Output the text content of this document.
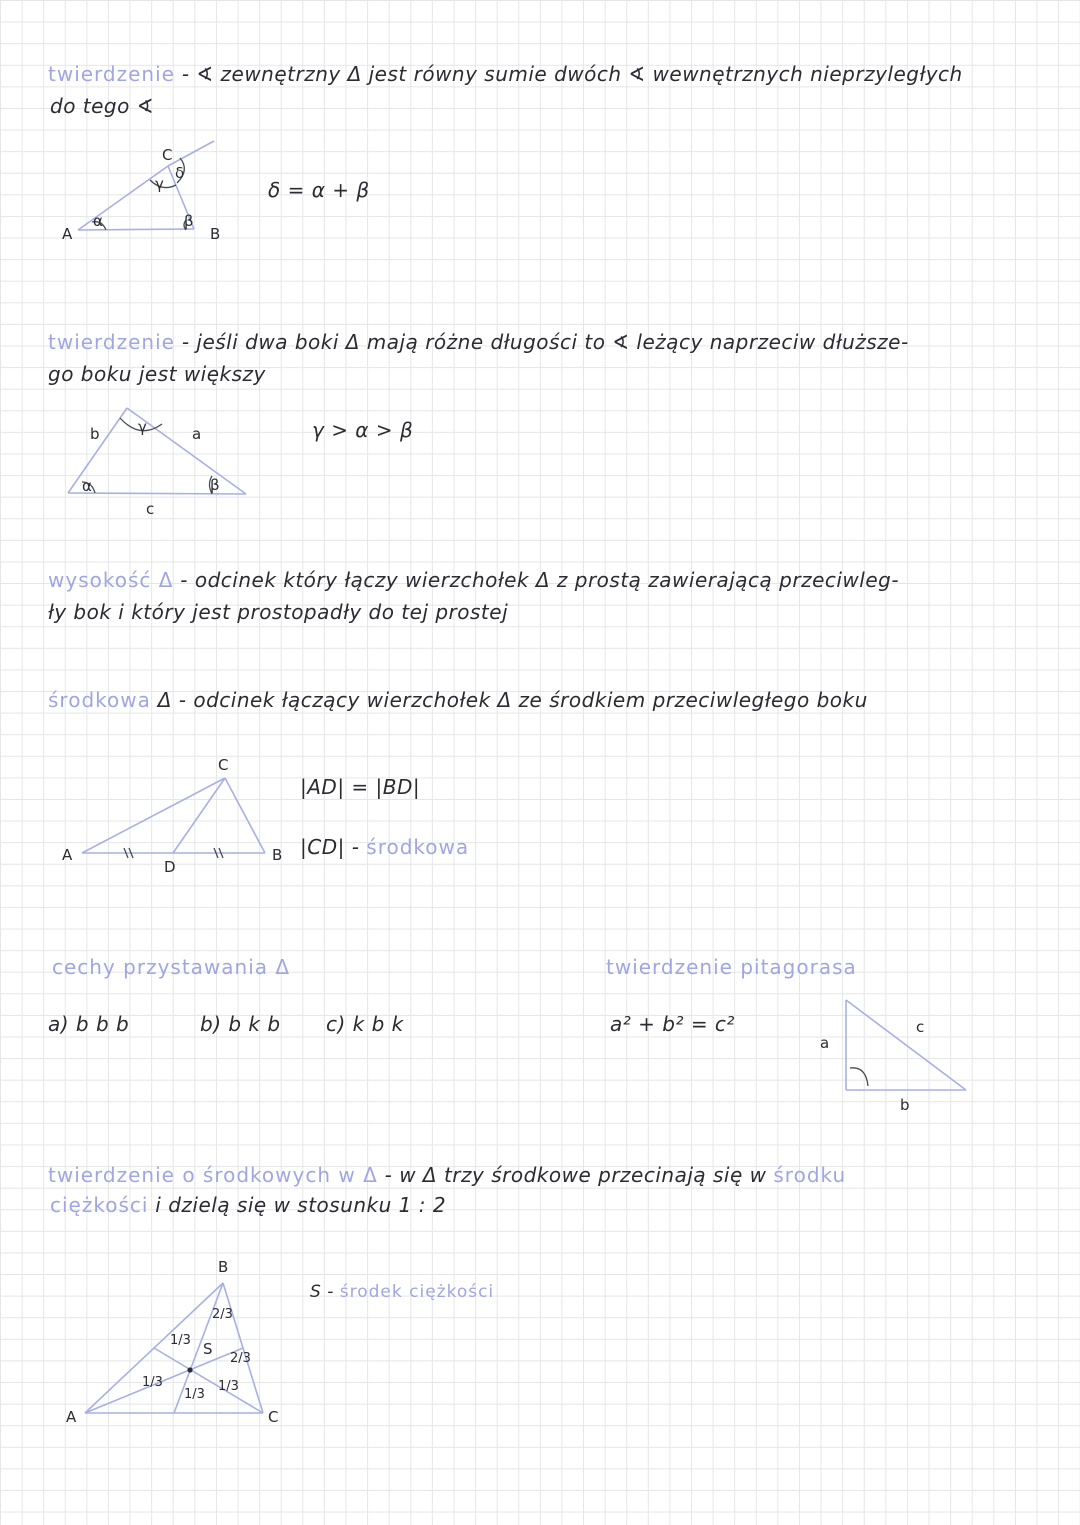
twierdzenie - ∢ zewnętrzny Δ jest równy sumie dwóch ∢ wewnętrznych nieprzyległych
do tego ∢
A	B
C
α	β
γ
δ
δ = α + β
twierdzenie - jeśli dwa boki Δ mają różne długości to ∢ leżący naprzeciw dłuższe-
go boku jest większy
b	a
c
α	β
γ	γ > α > β
wysokość Δ - odcinek który łączy wierzchołek Δ z prostą zawierającą przeciwleg-
ły bok i który jest prostopadły do tej prostej
środkowa Δ - odcinek łączący wierzchołek Δ ze środkiem przeciwległego boku
A	B
C
D
|AD| = |BD|
|CD| - środkowa
cechy przystawania Δ
a) b b b	b) b k b c) k b k
twierdzenie pitagorasa
a² + b² = c²
a
b
c
twierdzenie o środkowych w Δ - w Δ trzy środkowe przecinają się w środku
ciężkości i dzielą się w stosunku 1 : 2
S - środek ciężkości
1/3
1/3
1/3
2/3
2/3
1/3
A
B
C
S
